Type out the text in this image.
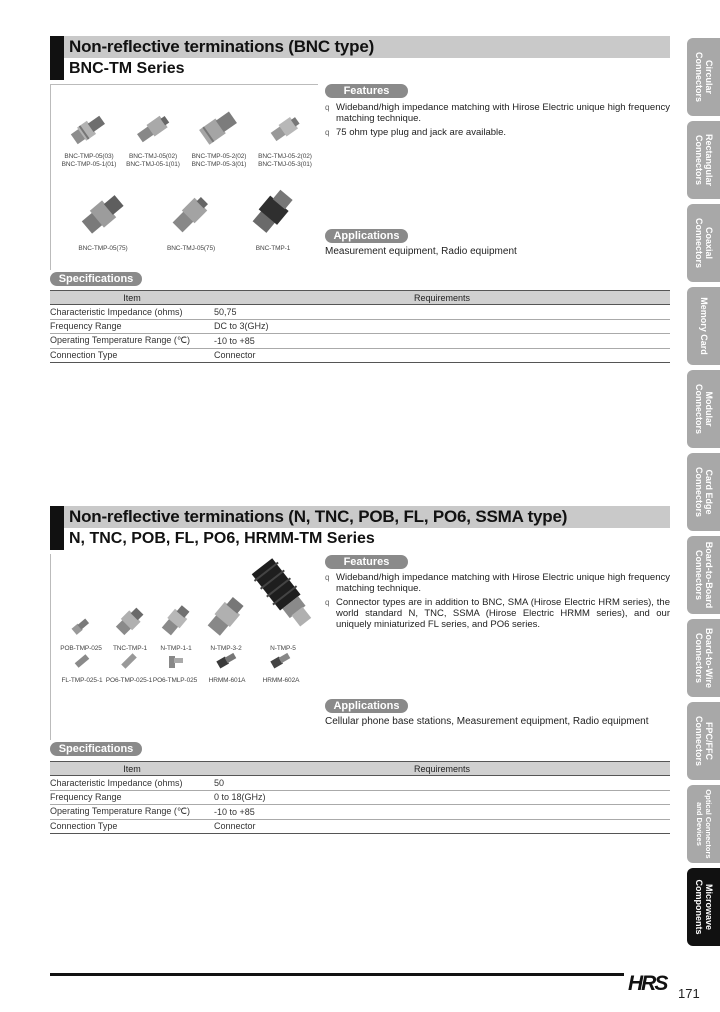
Non-reflective terminations (BNC type)
BNC-TM Series
BNC-TMP-05(03)
BNC-TMP-05-1(01)
BNC-TMJ-05(02)
BNC-TMJ-05-1(01)
BNC-TMP-05-2(02)
BNC-TMP-05-3(01)
BNC-TMJ-05-2(02)
BNC-TMJ-05-3(01)
BNC-TMP-05(75)	BNC-TMJ-05(75)	BNC-TMP-1
Features
q Wideband/high impedance matching with Hirose Electric unique high frequency matching technique.
q 75 ohm type plug and jack are available.
Applications
Measurement equipment, Radio equipment
Specifications
Item	Requirements
Characteristic Impedance (ohms)	50,75
Frequency Range	DC to 3(GHz)
Operating Temperature Range (℃)	-10 to +85
Connection Type	Connector
Non-reflective terminations (N, TNC, POB, FL, PO6, SSMA type)
N, TNC, POB, FL, PO6, HRMM-TM Series
POB-TMP-025	TNC-TMP-1	N-TMP-1-1	N-TMP-3-2	N-TMP-5
FL-TMP-025-1 PO6-TMP-025-1 PO6-TMLP-025	HRMM-601A	HRMM-602A
Features
q Wideband/high impedance matching with Hirose Electric unique high frequency matching technique.
q Connector types are in addition to BNC, SMA (Hirose Electric HRM series), the world standard N, TNC, SSMA (Hirose Electric HRMM series), and our uniquely miniaturized FL series, and PO6 series.
Applications
Cellular phone base stations, Measurement equipment, Radio equipment
Specifications
Item	Requirements
Characteristic Impedance (ohms)	50
Frequency Range	0 to 18(GHz)
Operating Temperature Range (℃)	-10 to +85
Connection Type	Connector
Circular
Connectors
Rectangular
Connectors
Coaxial
Connectors
Memory Card
Modular
Connectors
Card Edge
Connectors
Board-to-Board
Connectors
Board-to-Wire
Connectors
FPC/FFC
Connectors
Optical Connectors
and Devices
Microwave
Components
HRS 171
